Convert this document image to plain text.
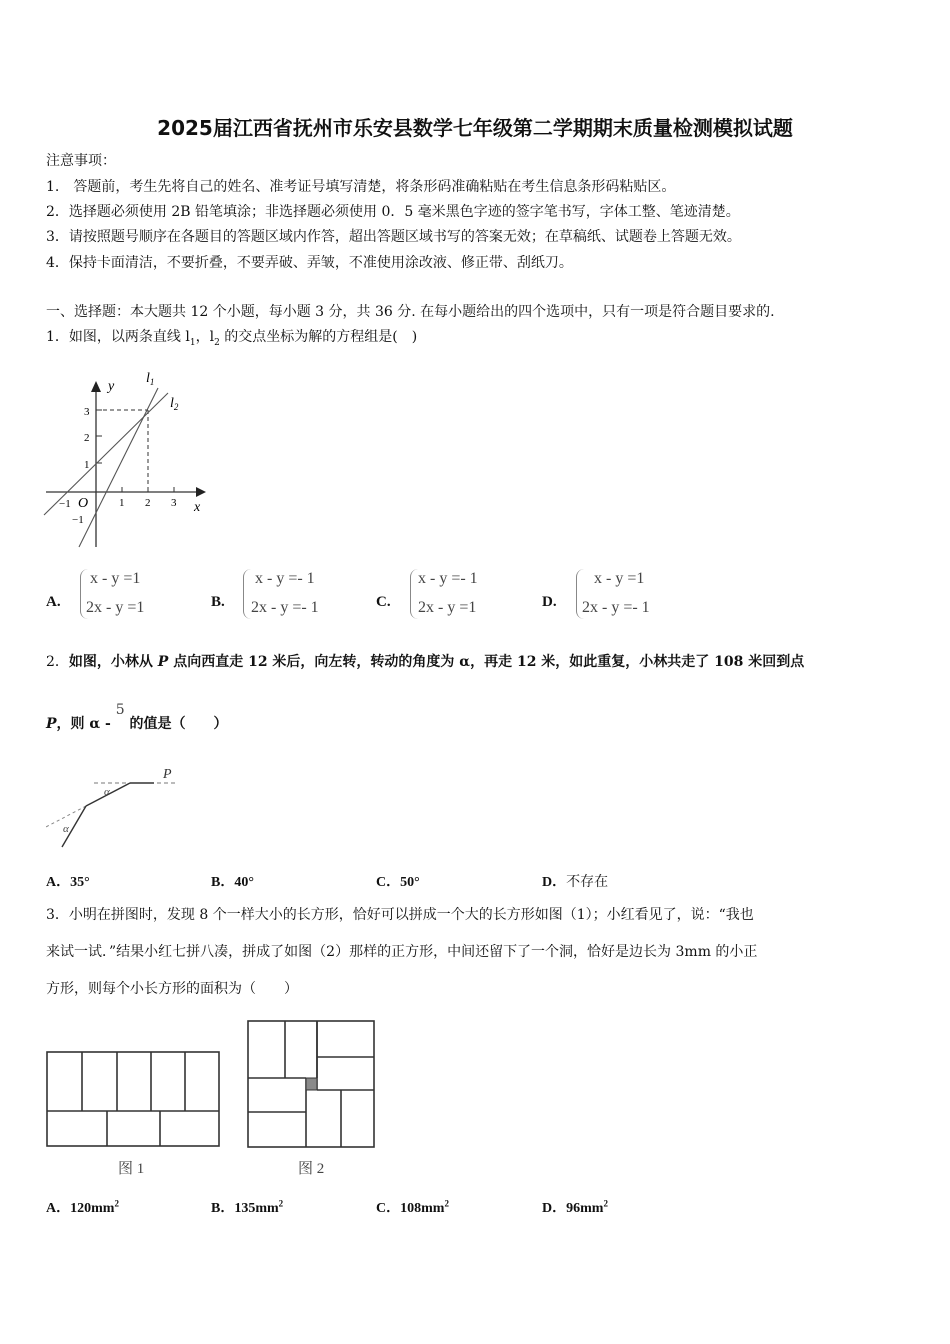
2025届江西省抚州市乐安县数学七年级第二学期期末质量检测模拟试题
注意事项：
1.　答题前，考生先将自己的姓名、准考证号填写清楚，将条形码准确粘贴在考生信息条形码粘贴区。
2．选择题必须使用 2B 铅笔填涂；非选择题必须使用 0．5 毫米黑色字迹的签字笔书写，字体工整、笔迹清楚。
3．请按照题号顺序在各题目的答题区域内作答，超出答题区域书写的答案无效；在草稿纸、试题卷上答题无效。
4．保持卡面清洁，不要折叠，不要弄破、弄皱，不准使用涂改液、修正带、刮纸刀。
一、选择题：本大题共 12 个小题，每小题 3 分，共 36 分. 在每小题给出的四个选项中，只有一项是符合题目要求的.
1．如图，以两条直线 $l_1$，$l_2$ 的交点坐标为解的方程组是(　)
y
x
O
$l_1$
$l_2$
3
2
1
−1
−1	1 2 3
A.
x - y =1
2x - y =1	B.
x - y =- 1
2x - y =- 1	C.
x - y =- 1
2x - y =1	D.
x - y =1
2x - y =- 1
2．如图，小林从 P 点向西直走 12 米后，向左转，转动的角度为 α，再走 12 米，如此重复，小林共走了 108 米回到点
P，则 α - 5 的值是（　　）
α
α
P
A．35°	B．40°	C．50°	D．不存在
3．小明在拼图时，发现 8 个一样大小的长方形，恰好可以拼成一个大的长方形如图（1）；小红看见了，说：“我也
来试一试．”结果小红七拼八凑，拼成了如图（2）那样的正方形，中间还留下了一个洞，恰好是边长为 3mm 的小正
方形，则每个小长方形的面积为（　　）
图 1	图 2
A．$120mm^2$	B．$135mm^2$	C．$108mm^2$	D．$96mm^2$
